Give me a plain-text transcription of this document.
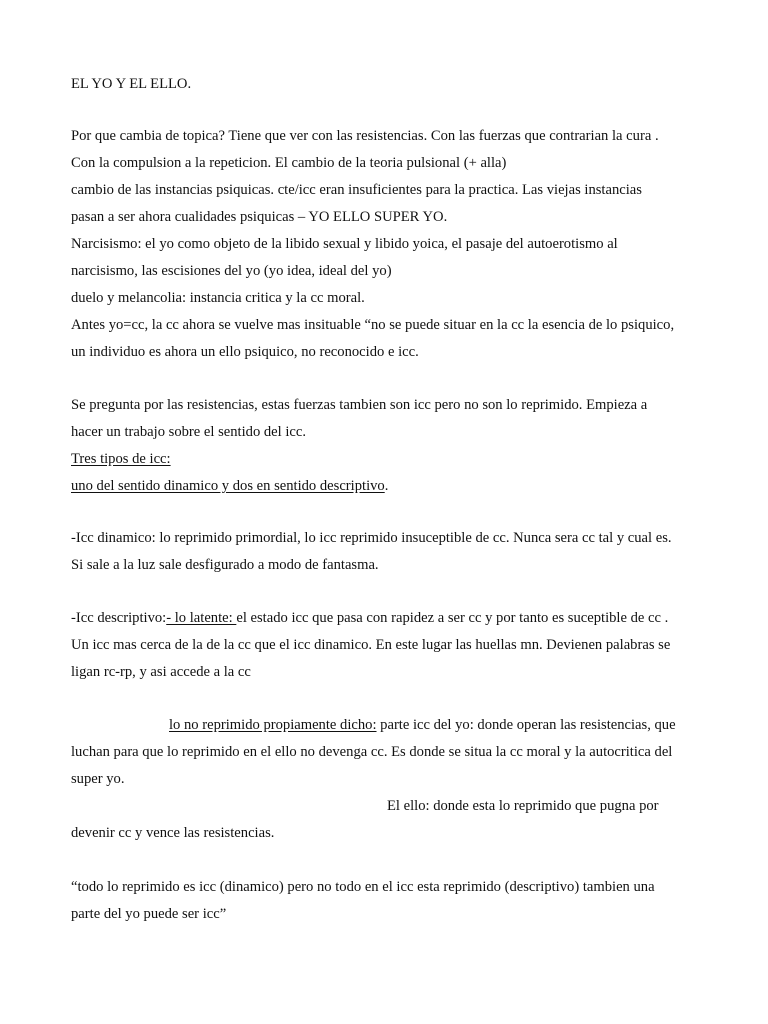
EL YO Y EL ELLO.
Por que cambia de topica? Tiene que ver con las resistencias. Con las fuerzas que contrarian la cura .
Con la compulsion a la repeticion. El cambio de la teoria pulsional (+ alla)
cambio de las instancias psiquicas. cte/icc eran insuficientes para la practica. Las viejas instancias
pasan a ser ahora cualidades psiquicas – YO ELLO SUPER YO.
Narcisismo: el yo como objeto de la libido sexual y libido yoica, el pasaje del autoerotismo al
narcisismo, las escisiones del yo (yo idea, ideal del yo)
duelo y melancolia: instancia critica y la cc moral.
Antes yo=cc, la cc ahora se vuelve mas insituable “no se puede situar en la cc la esencia de lo psiquico,
un individuo es ahora un ello psiquico, no reconocido e icc.
Se pregunta por las resistencias, estas fuerzas tambien son icc pero no son lo reprimido. Empieza a
hacer un trabajo sobre el sentido del icc.
Tres tipos de icc:
uno del sentido dinamico y dos en sentido descriptivo.
-Icc dinamico: lo reprimido primordial, lo icc reprimido insuceptible de cc. Nunca sera cc tal y cual es.
Si sale a la luz sale desfigurado a modo de fantasma.
-Icc descriptivo:- lo latente: el estado icc que pasa con rapidez a ser cc y por tanto es suceptible de cc .
Un icc mas cerca de la de la cc que el icc dinamico. En este lugar las huellas mn. Devienen palabras se
ligan rc-rp, y asi accede a la cc
lo no reprimido propiamente dicho: parte icc del yo: donde operan las resistencias, que
luchan para que lo reprimido en el ello no devenga cc. Es donde se situa la cc moral y la autocritica del
super yo.
El ello: donde esta lo reprimido que pugna por
devenir cc y vence las resistencias.
“todo lo reprimido es icc (dinamico) pero no todo en el icc esta reprimido (descriptivo) tambien una
parte del yo puede ser icc”
